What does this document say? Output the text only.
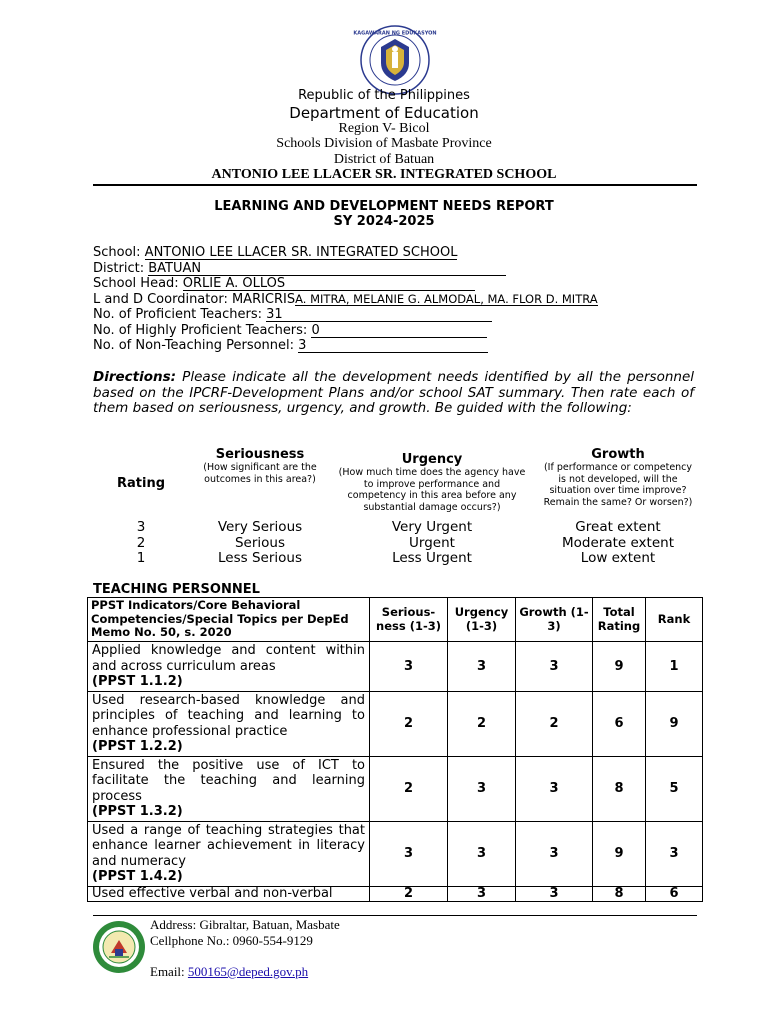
KAGAWARAN NG EDUKASYON
Republic of the Philippines
Department of Education
Region V- Bicol
Schools Division of Masbate Province
District of Batuan
ANTONIO LEE LLACER SR. INTEGRATED SCHOOL
LEARNING AND DEVELOPMENT NEEDS REPORT
SY 2024-2025
School: ANTONIO LEE LLACER SR. INTEGRATED SCHOOL
District: BATUAN
School Head: ORLIE A. OLLOS
L and D Coordinator: MARICRISA. MITRA, MELANIE G. ALMODAL, MA. FLOR D. MITRA
No. of Proficient Teachers: 31
No. of Highly Proficient Teachers: 0
No. of Non-Teaching Personnel: 3
Directions: Please indicate all the development needs identified by all the personnel based on the IPCRF-Development Plans and/or school SAT summary. Then rate each of them based on seriousness, urgency, and growth. Be guided with the following:
Rating
Seriousness
(How significant are the outcomes in this area?)
Urgency
(How much time does the agency have to improve performance and competency in this area before any substantial damage occurs?)
Growth
(If performance or competency is not developed, will the situation over time improve? Remain the same? Or worsen?)
3	Very Serious	Very Urgent	Great extent
2	Serious	Urgent	Moderate extent
1	Less Serious	Less Urgent	Low extent
TEACHING PERSONNEL
PPST Indicators/Core Behavioral Competencies/Special Topics per DepEd Memo No. 50, s. 2020	Serious-ness (1-3)	Urgency (1-3)	Growth (1-3)	Total Rating	Rank
Applied knowledge and content within and across curriculum areas
(PPST 1.1.2)	3	3	3	9	1
Used research-based knowledge and principles of teaching and learning to enhance professional practice
(PPST 1.2.2)	2	2	2	6	9
Ensured the positive use of ICT to facilitate the teaching and learning process
(PPST 1.3.2)	2	3	3	8	5
Used a range of teaching strategies that enhance learner achievement in literacy and numeracy
(PPST 1.4.2)	3	3	3	9	3
Used effective verbal and non-verbal	2	3	3	8	6
Address: Gibraltar, Batuan, Masbate
Cellphone No.: 0960-554-9129
Email: 500165@deped.gov.ph
